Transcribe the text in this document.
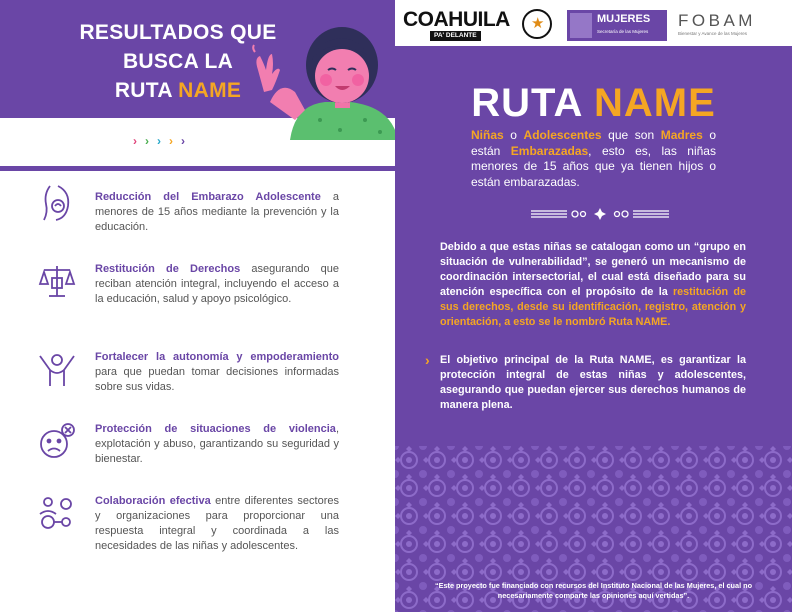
RESULTADOS QUE
BUSCA LA
RUTA NAME
› › › › ›
Reducción del Embarazo Adolescente a menores de 15 años mediante la prevención y la educación.
Restitución de Derechos asegurando que reciban atención integral, incluyendo el acceso a la educación, salud y apoyo psicológico.
Fortalecer la autonomía y empoderamiento para que puedan tomar decisiones informadas sobre sus vidas.
Protección de situaciones de violencia, explotación y abuso, garantizando su seguridad y bienestar.
Colaboración efectiva entre diferentes sectores y organizaciones para proporcionar una respuesta integral y coordinada a las necesidades de las niñas y adolescentes.
COAHUILA
PA' DELANTE
★	MUJERES
Secretaría de las Mujeres
FOBAM
Bienestar y Avance de las Mujeres
RUTA NAME
Niñas o Adolescentes que son Madres o están Embarazadas, esto es, las niñas menores de 15 años que ya tienen hijos o están embarazadas.
Debido a que estas niñas se catalogan como un “grupo en situación de vulnerabilidad”, se generó un mecanismo de coordinación intersectorial, el cual está diseñado para su atención específica con el propósito de la restitución de sus derechos, desde su identificación, registro, atención y orientación, a esto se le nombró Ruta NAME.
› El objetivo principal de la Ruta NAME, es garantizar la protección integral de estas niñas y adolescentes, asegurando que puedan ejercer sus derechos humanos de manera plena.
“Este proyecto fue financiado con recursos del Instituto Nacional de las Mujeres, el cual no necesariamente comparte las opiniones aquí vertidas”.
